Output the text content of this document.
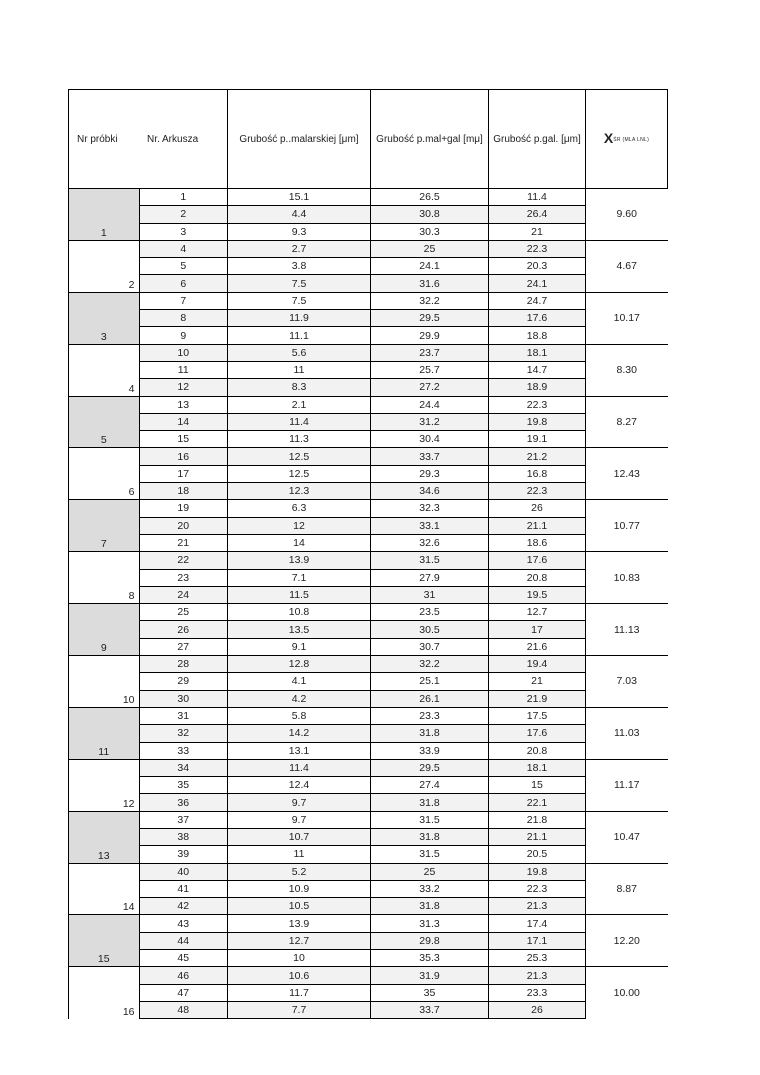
Nr próbki	Nr. Arkusza	Grubość p..malarskiej [μm]	Grubość p.mal+gal [mμ]	Grubość p.gal. [μm]	XŚR (MLA LNL)
1	1	15.1	26.5	11.4	9.60
	2	4.4	30.8	26.4	
	3	9.3	30.3	21	
2	4	2.7	25	22.3	4.67
	5	3.8	24.1	20.3	
	6	7.5	31.6	24.1	
3	7	7.5	32.2	24.7	10.17
	8	11.9	29.5	17.6	
	9	11.1	29.9	18.8	
4	10	5.6	23.7	18.1	8.30
	11	11	25.7	14.7	
	12	8.3	27.2	18.9	
5	13	2.1	24.4	22.3	8.27
	14	11.4	31.2	19.8	
	15	11.3	30.4	19.1	
6	16	12.5	33.7	21.2	12.43
	17	12.5	29.3	16.8	
	18	12.3	34.6	22.3	
7	19	6.3	32.3	26	10.77
	20	12	33.1	21.1	
	21	14	32.6	18.6	
8	22	13.9	31.5	17.6	10.83
	23	7.1	27.9	20.8	
	24	11.5	31	19.5	
9	25	10.8	23.5	12.7	11.13
	26	13.5	30.5	17	
	27	9.1	30.7	21.6	
10	28	12.8	32.2	19.4	7.03
	29	4.1	25.1	21	
	30	4.2	26.1	21.9	
11	31	5.8	23.3	17.5	11.03
	32	14.2	31.8	17.6	
	33	13.1	33.9	20.8	
12	34	11.4	29.5	18.1	11.17
	35	12.4	27.4	15	
	36	9.7	31.8	22.1	
13	37	9.7	31.5	21.8	10.47
	38	10.7	31.8	21.1	
	39	11	31.5	20.5	
14	40	5.2	25	19.8	8.87
	41	10.9	33.2	22.3	
	42	10.5	31.8	21.3	
15	43	13.9	31.3	17.4	12.20
	44	12.7	29.8	17.1	
	45	10	35.3	25.3	
16	46	10.6	31.9	21.3	10.00
	47	11.7	35	23.3	
	48	7.7	33.7	26	
